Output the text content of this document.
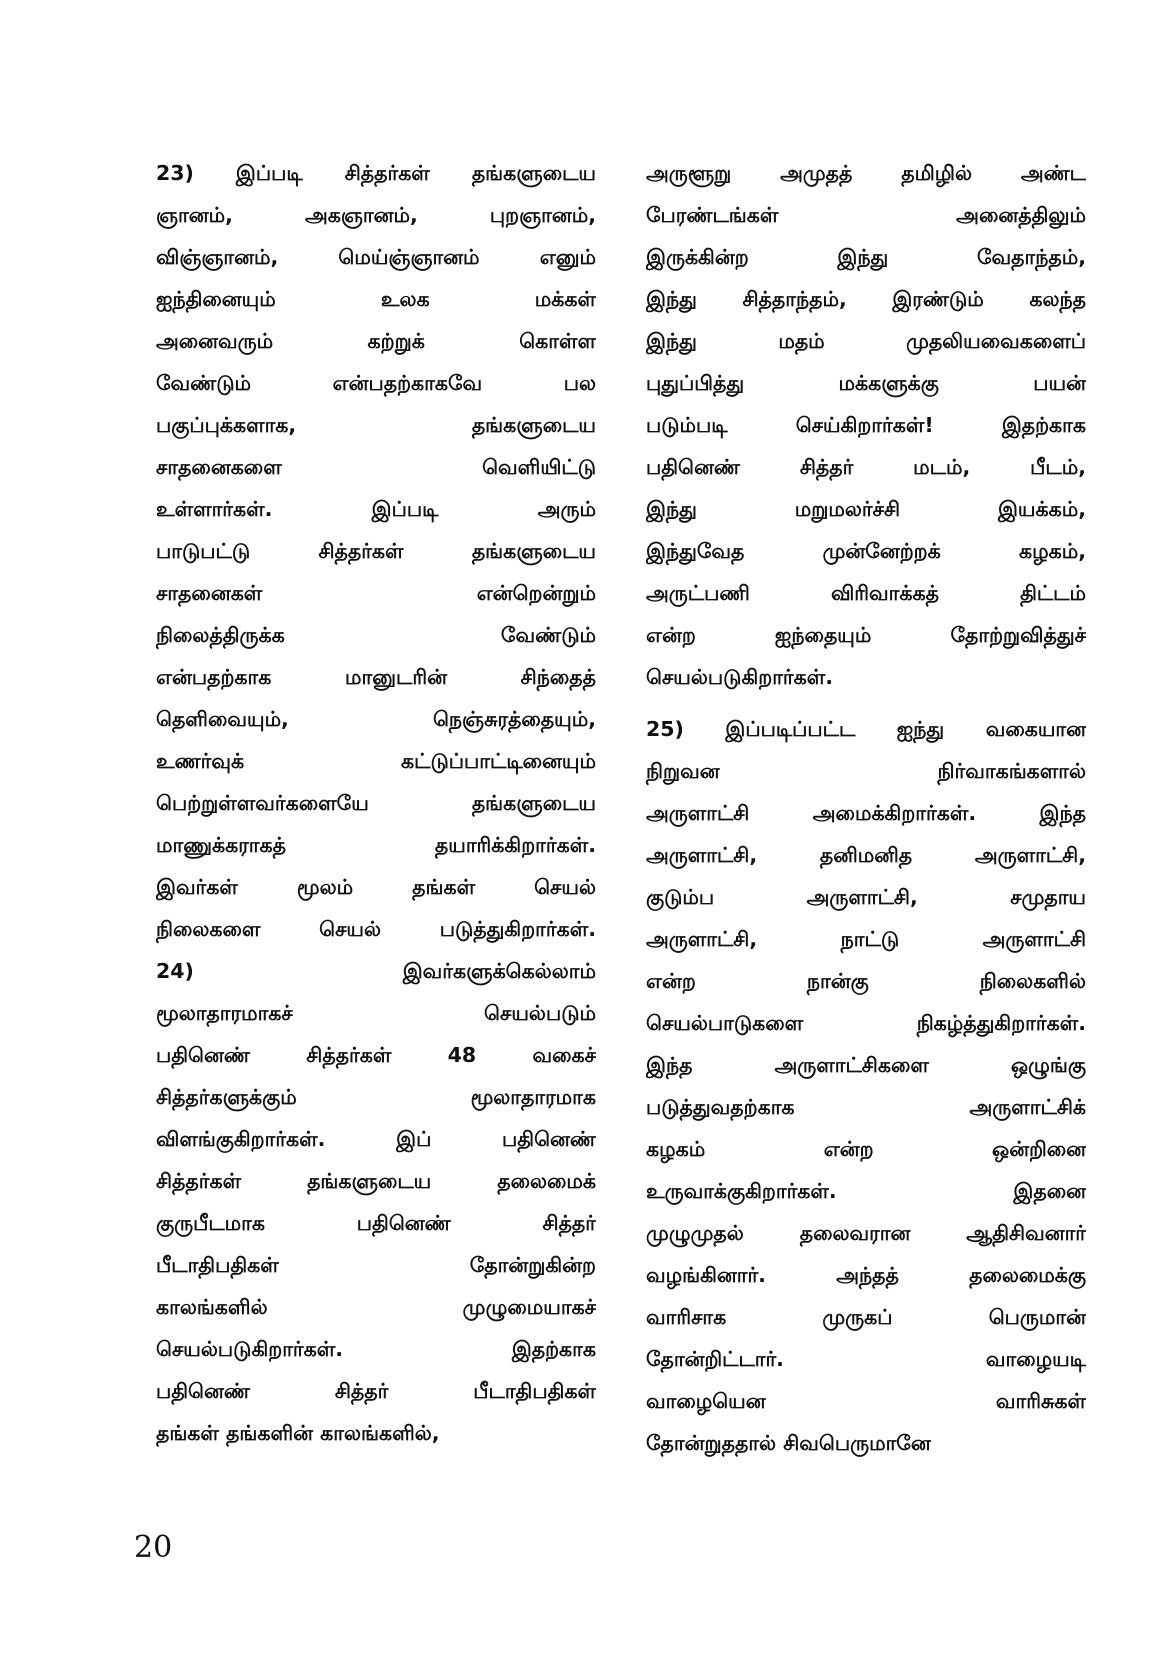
23) இப்படி சித்தர்கள் தங்களுடைய
ஞானம், அகஞானம், புறஞானம்,
விஞ்ஞானம், மெய்ஞ்ஞானம் எனும்
ஐந்தினையும் உலக மக்கள்
அனைவரும் கற்றுக் கொள்ள
வேண்டும் என்பதற்காகவே பல
பகுப்புக்களாக, தங்களுடைய
சாதனைகளை வெளியிட்டு
உள்ளார்கள். இப்படி அரும்
பாடுபட்டு சித்தர்கள் தங்களுடைய
சாதனைகள் என்றென்றும்
நிலைத்திருக்க வேண்டும்
என்பதற்காக மானுடரின் சிந்தைத்
தெளிவையும், நெஞ்சுரத்தையும்,
உணர்வுக் கட்டுப்பாட்டினையும்
பெற்றுள்ளவர்களையே தங்களுடைய
மாணுக்கராகத் தயாரிக்கிறார்கள்.
இவர்கள் மூலம் தங்கள் செயல்
நிலைகளை செயல் படுத்துகிறார்கள்.
24) இவர்களுக்கெல்லாம்
மூலாதாரமாகச் செயல்படும்
பதினெண் சித்தர்கள் 48 வகைச்
சித்தர்களுக்கும் மூலாதாரமாக
விளங்குகிறார்கள். இப் பதினெண்
சித்தர்கள் தங்களுடைய தலைமைக்
குருபீடமாக பதினெண் சித்தர்
பீடாதிபதிகள் தோன்றுகின்ற
காலங்களில் முழுமையாகச்
செயல்படுகிறார்கள். இதற்காக
பதினெண் சித்தர் பீடாதிபதிகள்
தங்கள் தங்களின் காலங்களில்,
அருளூறு அமுதத் தமிழில் அண்ட
பேரண்டங்கள் அனைத்திலும்
இருக்கின்ற இந்து வேதாந்தம்,
இந்து சித்தாந்தம், இரண்டும் கலந்த
இந்து மதம் முதலியவைகளைப்
புதுப்பித்து மக்களுக்கு பயன்
படும்படி செய்கிறார்கள்! இதற்காக
பதினெண் சித்தர் மடம், பீடம்,
இந்து மறுமலர்ச்சி இயக்கம்,
இந்துவேத முன்னேற்றக் கழகம்,
அருட்பணி விரிவாக்கத் திட்டம்
என்ற ஐந்தையும் தோற்றுவித்துச்
செயல்படுகிறார்கள்.
25) இப்படிப்பட்ட ஐந்து வகையான
நிறுவன நிர்வாகங்களால்
அருளாட்சி அமைக்கிறார்கள். இந்த
அருளாட்சி, தனிமனித அருளாட்சி,
குடும்ப அருளாட்சி, சமுதாய
அருளாட்சி, நாட்டு அருளாட்சி
என்ற நான்கு நிலைகளில்
செயல்பாடுகளை நிகழ்த்துகிறார்கள்.
இந்த அருளாட்சிகளை ஒழுங்கு
படுத்துவதற்காக அருளாட்சிக்
கழகம் என்ற ஒன்றினை
உருவாக்குகிறார்கள். இதனை
முழுமுதல் தலைவரான ஆதிசிவனார்
வழங்கினார். அந்தத் தலைமைக்கு
வாரிசாக முருகப் பெருமான்
தோன்றிட்டார். வாழையடி
வாழையென வாரிசுகள்
தோன்றுததால் சிவபெருமானே
20
